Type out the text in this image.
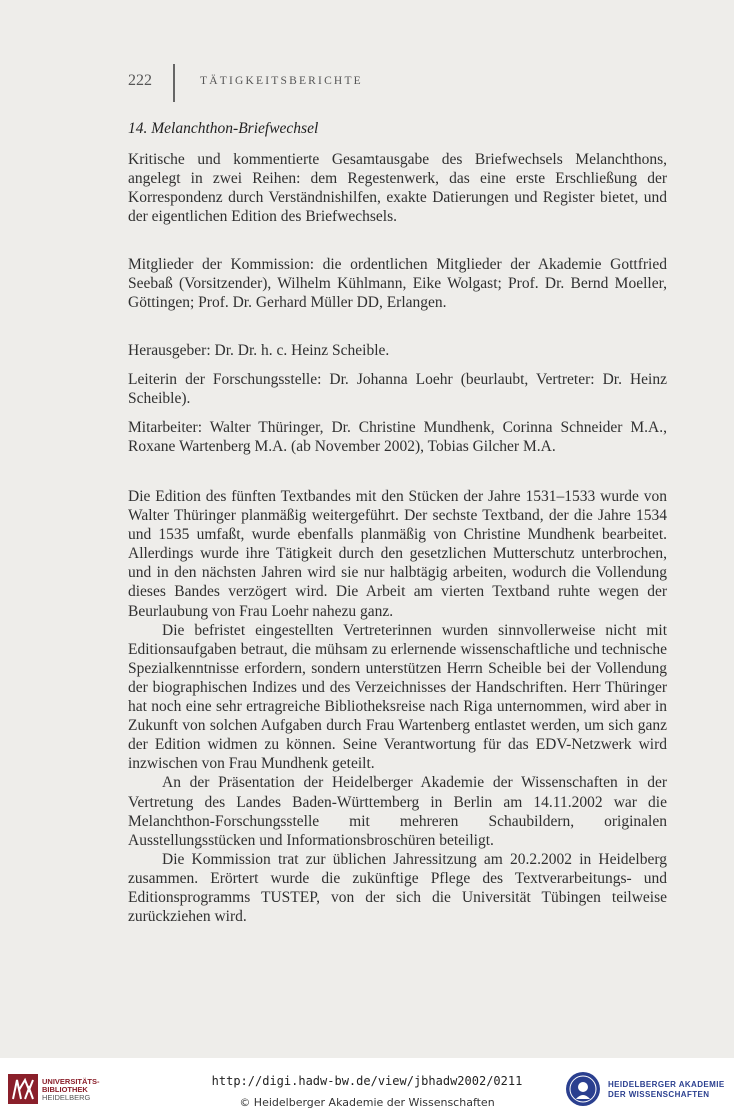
222	TÄTIGKEITSBERICHTE
14. Melanchthon-Briefwechsel

Kritische und kommentierte Gesamtausgabe des Briefwechsels Melanchthons, angelegt in zwei Reihen: dem Regestenwerk, das eine erste Erschließung der Korrespondenz durch Verständnishilfen, exakte Datierungen und Register bietet, und der eigentlichen Edition des Briefwechsels.

Mitglieder der Kommission: die ordentlichen Mitglieder der Akademie Gottfried Seebaß (Vorsitzender), Wilhelm Kühlmann, Eike Wolgast; Prof. Dr. Bernd Moeller, Göttingen; Prof. Dr. Gerhard Müller DD, Erlangen.

Herausgeber: Dr. Dr. h. c. Heinz Scheible.

Leiterin der Forschungsstelle: Dr. Johanna Loehr (beurlaubt, Vertreter: Dr. Heinz Scheible).

Mitarbeiter: Walter Thüringer, Dr. Christine Mundhenk, Corinna Schneider M.A., Roxane Wartenberg M.A. (ab November 2002), Tobias Gilcher M.A.

Die Edition des fünften Textbandes mit den Stücken der Jahre 1531–1533 wurde von Walter Thüringer planmäßig weitergeführt. Der sechste Textband, der die Jahre 1534 und 1535 umfaßt, wurde ebenfalls planmäßig von Christine Mundhenk bearbeitet. Allerdings wurde ihre Tätigkeit durch den gesetzlichen Mutterschutz unterbrochen, und in den nächsten Jahren wird sie nur halbtägig arbeiten, wodurch die Vollendung dieses Bandes verzögert wird. Die Arbeit am vierten Textband ruhte wegen der Beurlaubung von Frau Loehr nahezu ganz.

Die befristet eingestellten Vertreterinnen wurden sinnvollerweise nicht mit Editionsaufgaben betraut, die mühsam zu erlernende wissenschaftliche und technische Spezialkenntnisse erfordern, sondern unterstützen Herrn Scheible bei der Vollendung der biographischen Indizes und des Verzeichnisses der Handschriften. Herr Thüringer hat noch eine sehr ertragreiche Bibliotheksreise nach Riga unternommen, wird aber in Zukunft von solchen Aufgaben durch Frau Wartenberg entlastet werden, um sich ganz der Edition widmen zu können. Seine Verantwortung für das EDV-Netzwerk wird inzwischen von Frau Mundhenk geteilt.

An der Präsentation der Heidelberger Akademie der Wissenschaften in der Vertretung des Landes Baden-Württemberg in Berlin am 14.11.2002 war die Melanchthon-Forschungsstelle mit mehreren Schaubildern, originalen Ausstellungsstücken und Informationsbroschüren beteiligt.

Die Kommission trat zur üblichen Jahressitzung am 20.2.2002 in Heidelberg zusammen. Erörtert wurde die zukünftige Pflege des Textverarbeitungs- und Editionsprogramms TUSTEP, von der sich die Universität Tübingen teilweise zurückziehen wird.

UNIVERSITÄTS-
BIBLIOTHEK
HEIDELBERG
http://digi.hadw-bw.de/view/jbhadw2002/0211
© Heidelberger Akademie der Wissenschaften
HEIDELBERGER AKADEMIE
DER WISSENSCHAFTEN
